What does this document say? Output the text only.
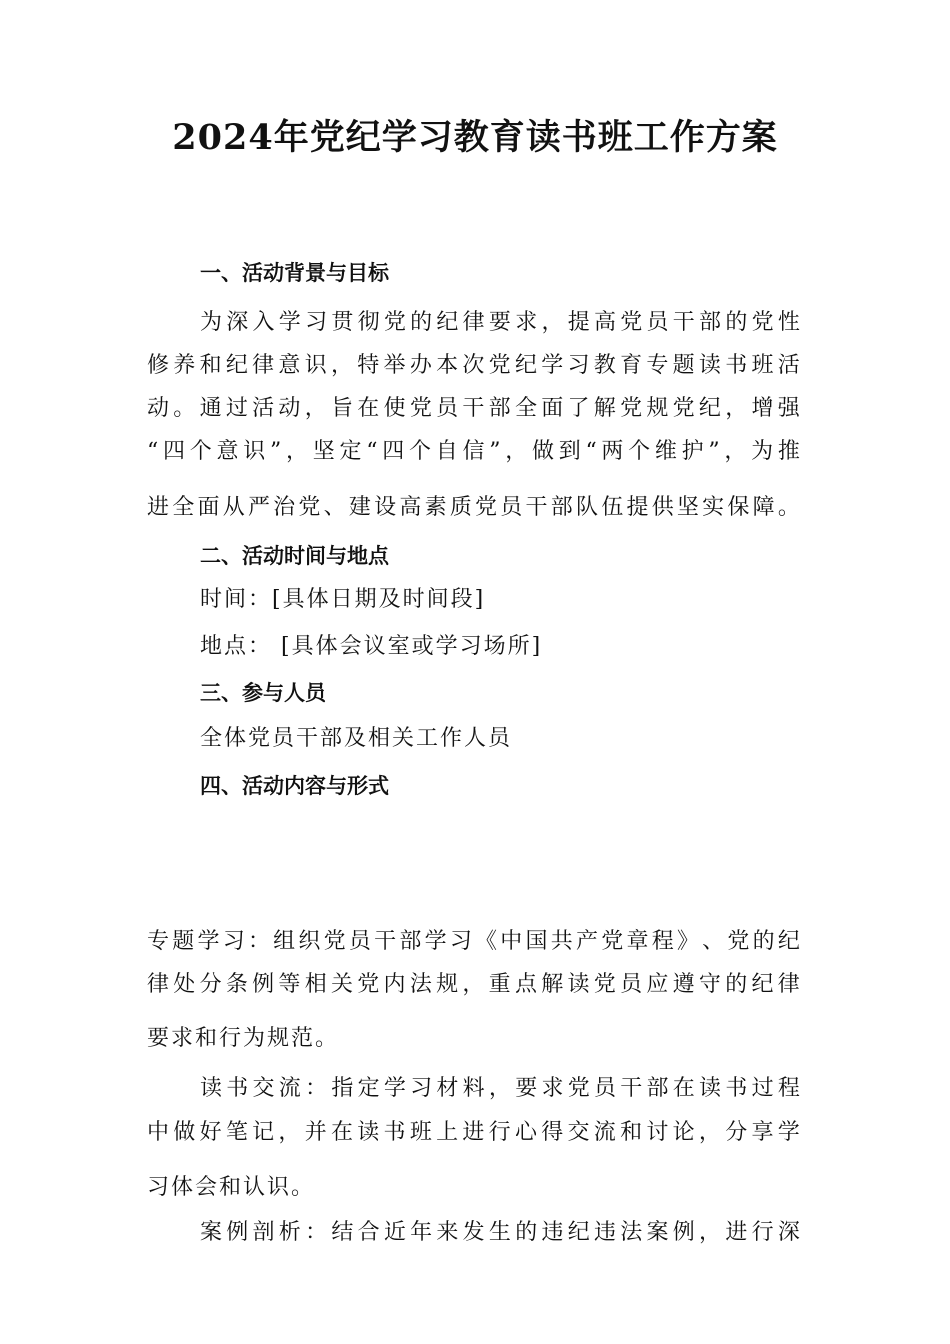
2024年党纪学习教育读书班工作方案
一、活动背景与目标
为 深 入 学 习 贯 彻 党 的 纪 律 要 求 ， 提 高 党 员 干 部 的 党 性
修 养 和 纪 律 意 识 ， 特 举 办 本 次 党 纪 学 习 教 育 专 题 读 书 班 活
动 。 通 过 活 动 ， 旨 在 使 党 员 干 部 全 面 了 解 党 规 党 纪 ， 增 强
“ 四 个 意 识 ” ， 坚 定 “ 四 个 自 信 ” ， 做 到 “ 两 个 维 护 ” ， 为 推
进 全 面 从 严 治 党 、 建 设 高 素 质 党 员 干 部 队 伍 提 供 坚 实 保 障 。
二、活动时间与地点
时间：[具体日期及时间段]
地点： [具体会议室或学习场所]
三、参与人员
全体党员干部及相关工作人员
四、活动内容与形式
专 题 学 习 ： 组 织 党 员 干 部 学 习 《 中 国 共 产 党 章 程 》 、 党 的 纪
律 处 分 条 例 等 相 关 党 内 法 规 ， 重 点 解 读 党 员 应 遵 守 的 纪 律
要求和行为规范。
读 书 交 流 ： 指 定 学 习 材 料 ， 要 求 党 员 干 部 在 读 书 过 程
中 做 好 笔 记 ， 并 在 读 书 班 上 进 行 心 得 交 流 和 讨 论 ， 分 享 学
习体会和认识。
案 例 剖 析 ： 结 合 近 年 来 发 生 的 违 纪 违 法 案 例 ， 进 行 深
